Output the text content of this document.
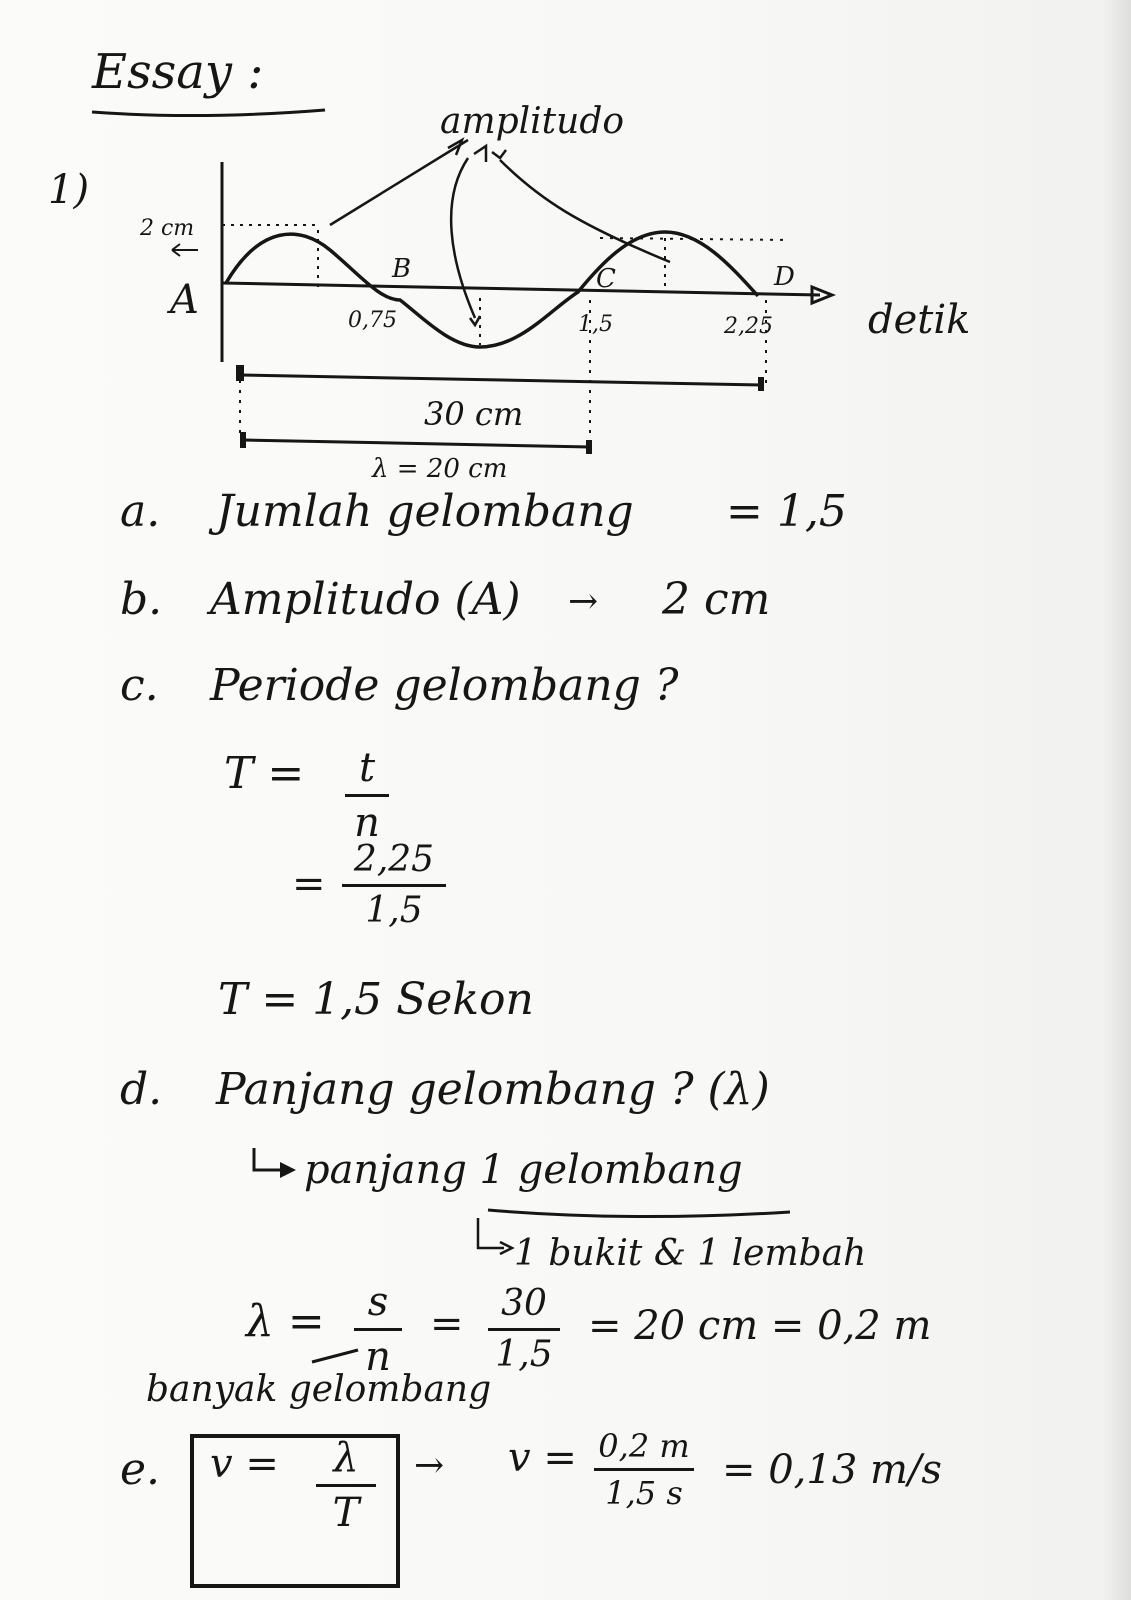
Essay :
1)
amplitudo
2 cm
A
B	C	D
0,75	1,5	2,25 detik
30 cm
λ = 20 cm
a. Jumlah gelombang = 1,5
b. Amplitudo (A) → 2 cm
c. Periode gelombang ?
T =	t
n
=
2,25
1,5
T = 1,5 Sekon
d. Panjang gelombang ? (λ)
panjang 1 gelombang
1 bukit & 1 lembah
λ =	s
n
=	30
1,5
= 20 cm = 0,2 m
banyak gelombang
e. v =	λ
T
→ v = 0,2 m
1,5 s = 0,13 m/s
